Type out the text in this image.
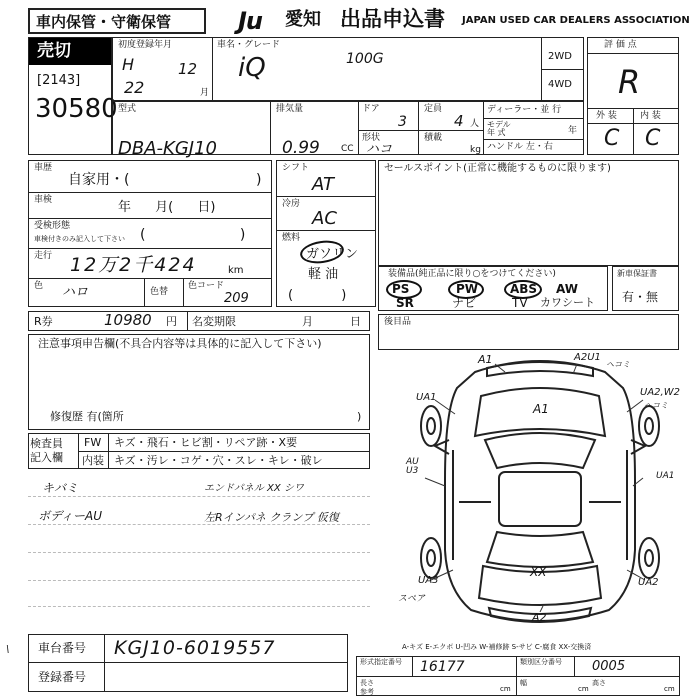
車内保管・守衛保管	Ju	愛知 出品申込書 JAPAN USED CAR DEALERS ASSOCIATION
売切
[2143]
30580
初度登録年月
H	12
22	月
車名・グレード
iQ	100G	2WD
4WD
評 価 点
R
外 装	内 装
C C
型式
DBA-KGJ10
排気量
0.99 CC
ドア
3
定員
4 人
形状
ハコ
積載
kg
ディーラー・並 行
モデル
年 式	年
ハンドル 左・右
車歴
自家用・(	)
車検	年 月( 日)
受検形態
車検付きのみ記入して下さい ( )
走行 12万2千424	km
色 ハロ	色替
色コード
209
シフト
AT
冷房
AC
燃料
ガソリン
軽 油
( )
セールスポイント(正常に機能するものに限ります)
装備品(純正品に限り○をつけてください)
PS	PW	ABS AW
SR	ナビ	TV カワシート
新車保証書
有・無
R券	10980 円 名変期限	月	日
注意事項申告欄(不具合内容等は具体的に記入して下さい)
修復歴 有(箇所	)
後目品
検査員
記入欄
FW キズ・飛石・ヒビ割・リペア跡・X要
内装 キズ・汚レ・コゲ・穴・スレ・キレ・破レ
キバミ	エンドパネル XX シワ
ボディーAU	左Rインパネ クランプ 仮復
A1	A2U1
ヘコミ
A1
UA1	UA2,W2
ヘコミ
AU
U3	UA1
XX
UA3
A2
UA2
スペア
A-キズ E-エクボ U-凹み W-補修跡 S-サビ C-腐食 XX-交換済
車台番号 KGJ10-6019557
登録番号
\
形式指定番号 16177	類別区分番号 0005
長さ
参考	cm
幅
cm
高さ
cm
